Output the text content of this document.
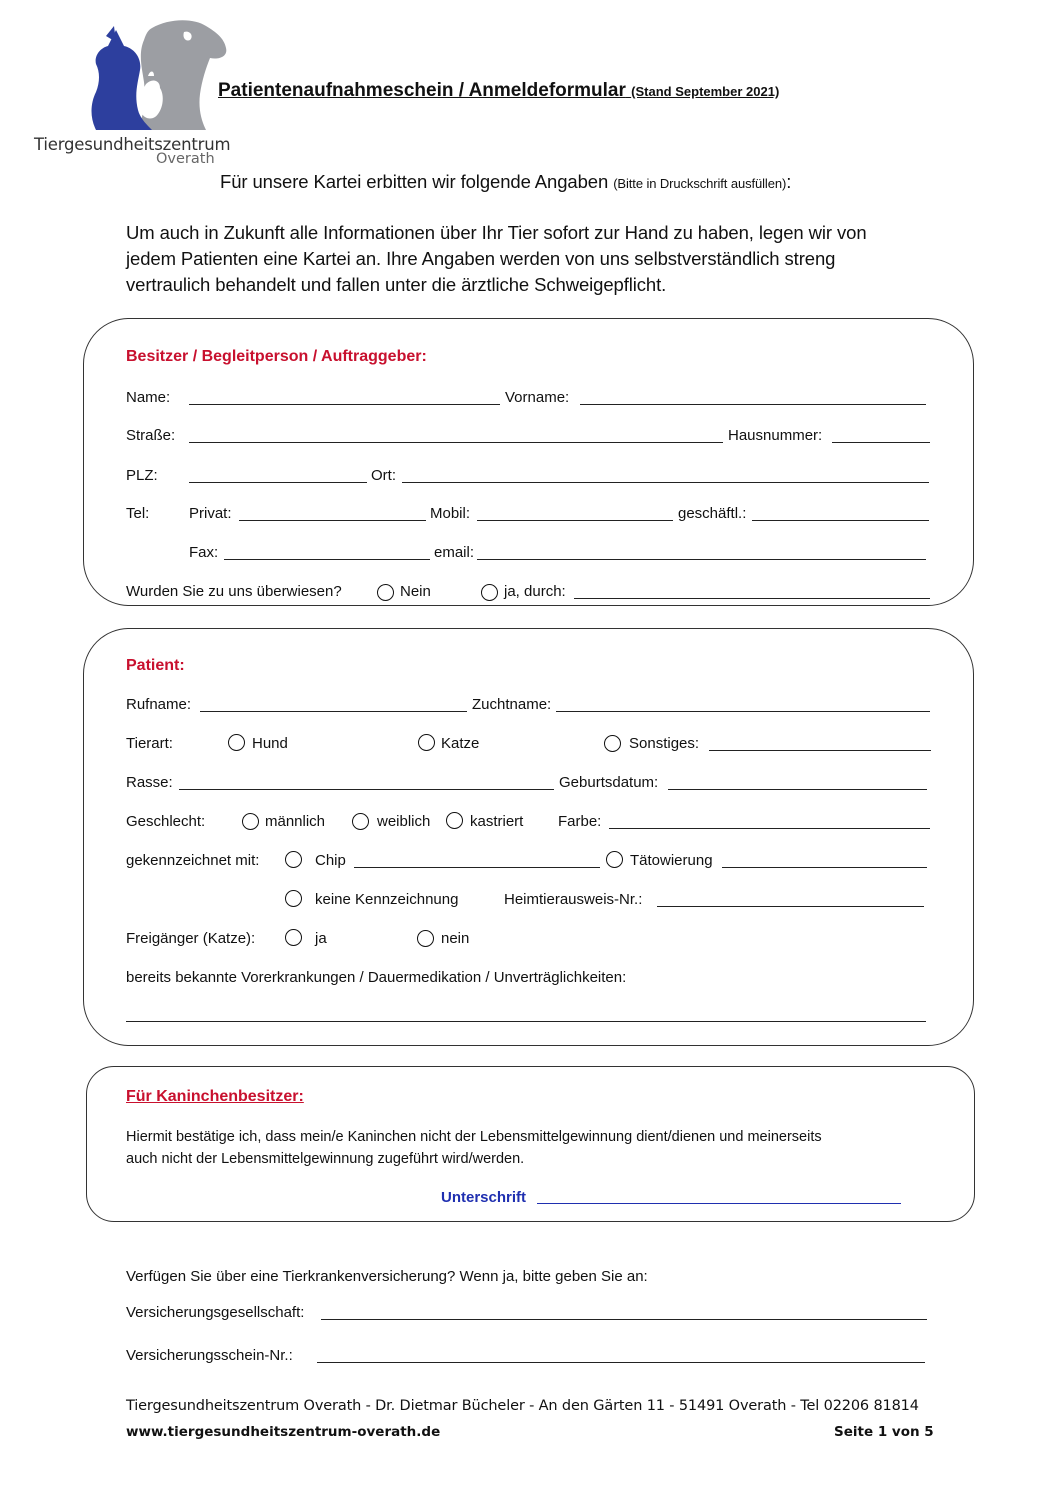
Tiergesundheitszentrum
Overath
Patientenaufnahmeschein / Anmeldeformular (Stand September 2021)
Für unsere Kartei erbitten wir folgende Angaben (Bitte in Druckschrift ausfüllen):
Um auch in Zukunft alle Informationen über Ihr Tier sofort zur Hand zu haben, legen wir von
jedem Patienten eine Kartei an. Ihre Angaben werden von uns selbstverständlich streng
vertraulich behandelt und fallen unter die ärztliche Schweigepflicht.
Besitzer / Begleitperson / Auftraggeber:
Name:	Vorname:
Straße:	Hausnummer:
PLZ:	Ort:
Tel:	Privat:	Mobil:	geschäftl.:
Fax:	email:
Wurden Sie zu uns überwiesen?	Nein	ja, durch:
Patient:
Rufname:	Zuchtname:
Tierart:	Hund	Katze	Sonstiges:
Rasse:	Geburtsdatum:
Geschlecht:	männlich	weiblich	kastriert Farbe:
gekennzeichnet mit:	Chip	Tätowierung
keine Kennzeichnung	Heimtierausweis-Nr.:
Freigänger (Katze):	ja	nein
bereits bekannte Vorerkrankungen / Dauermedikation / Unverträglichkeiten:
Für Kaninchenbesitzer:
Hiermit bestätige ich, dass mein/e Kaninchen nicht der Lebensmittelgewinnung dient/dienen und meinerseits
auch nicht der Lebensmittelgewinnung zugeführt wird/werden.
Unterschrift
Verfügen Sie über eine Tierkrankenversicherung? Wenn ja, bitte geben Sie an:
Versicherungsgesellschaft:
Versicherungsschein-Nr.:
Tiergesundheitszentrum Overath - Dr. Dietmar Bücheler - An den Gärten 11 - 51491 Overath - Tel 02206 81814
www.tiergesundheitszentrum-overath.de	Seite 1 von 5
